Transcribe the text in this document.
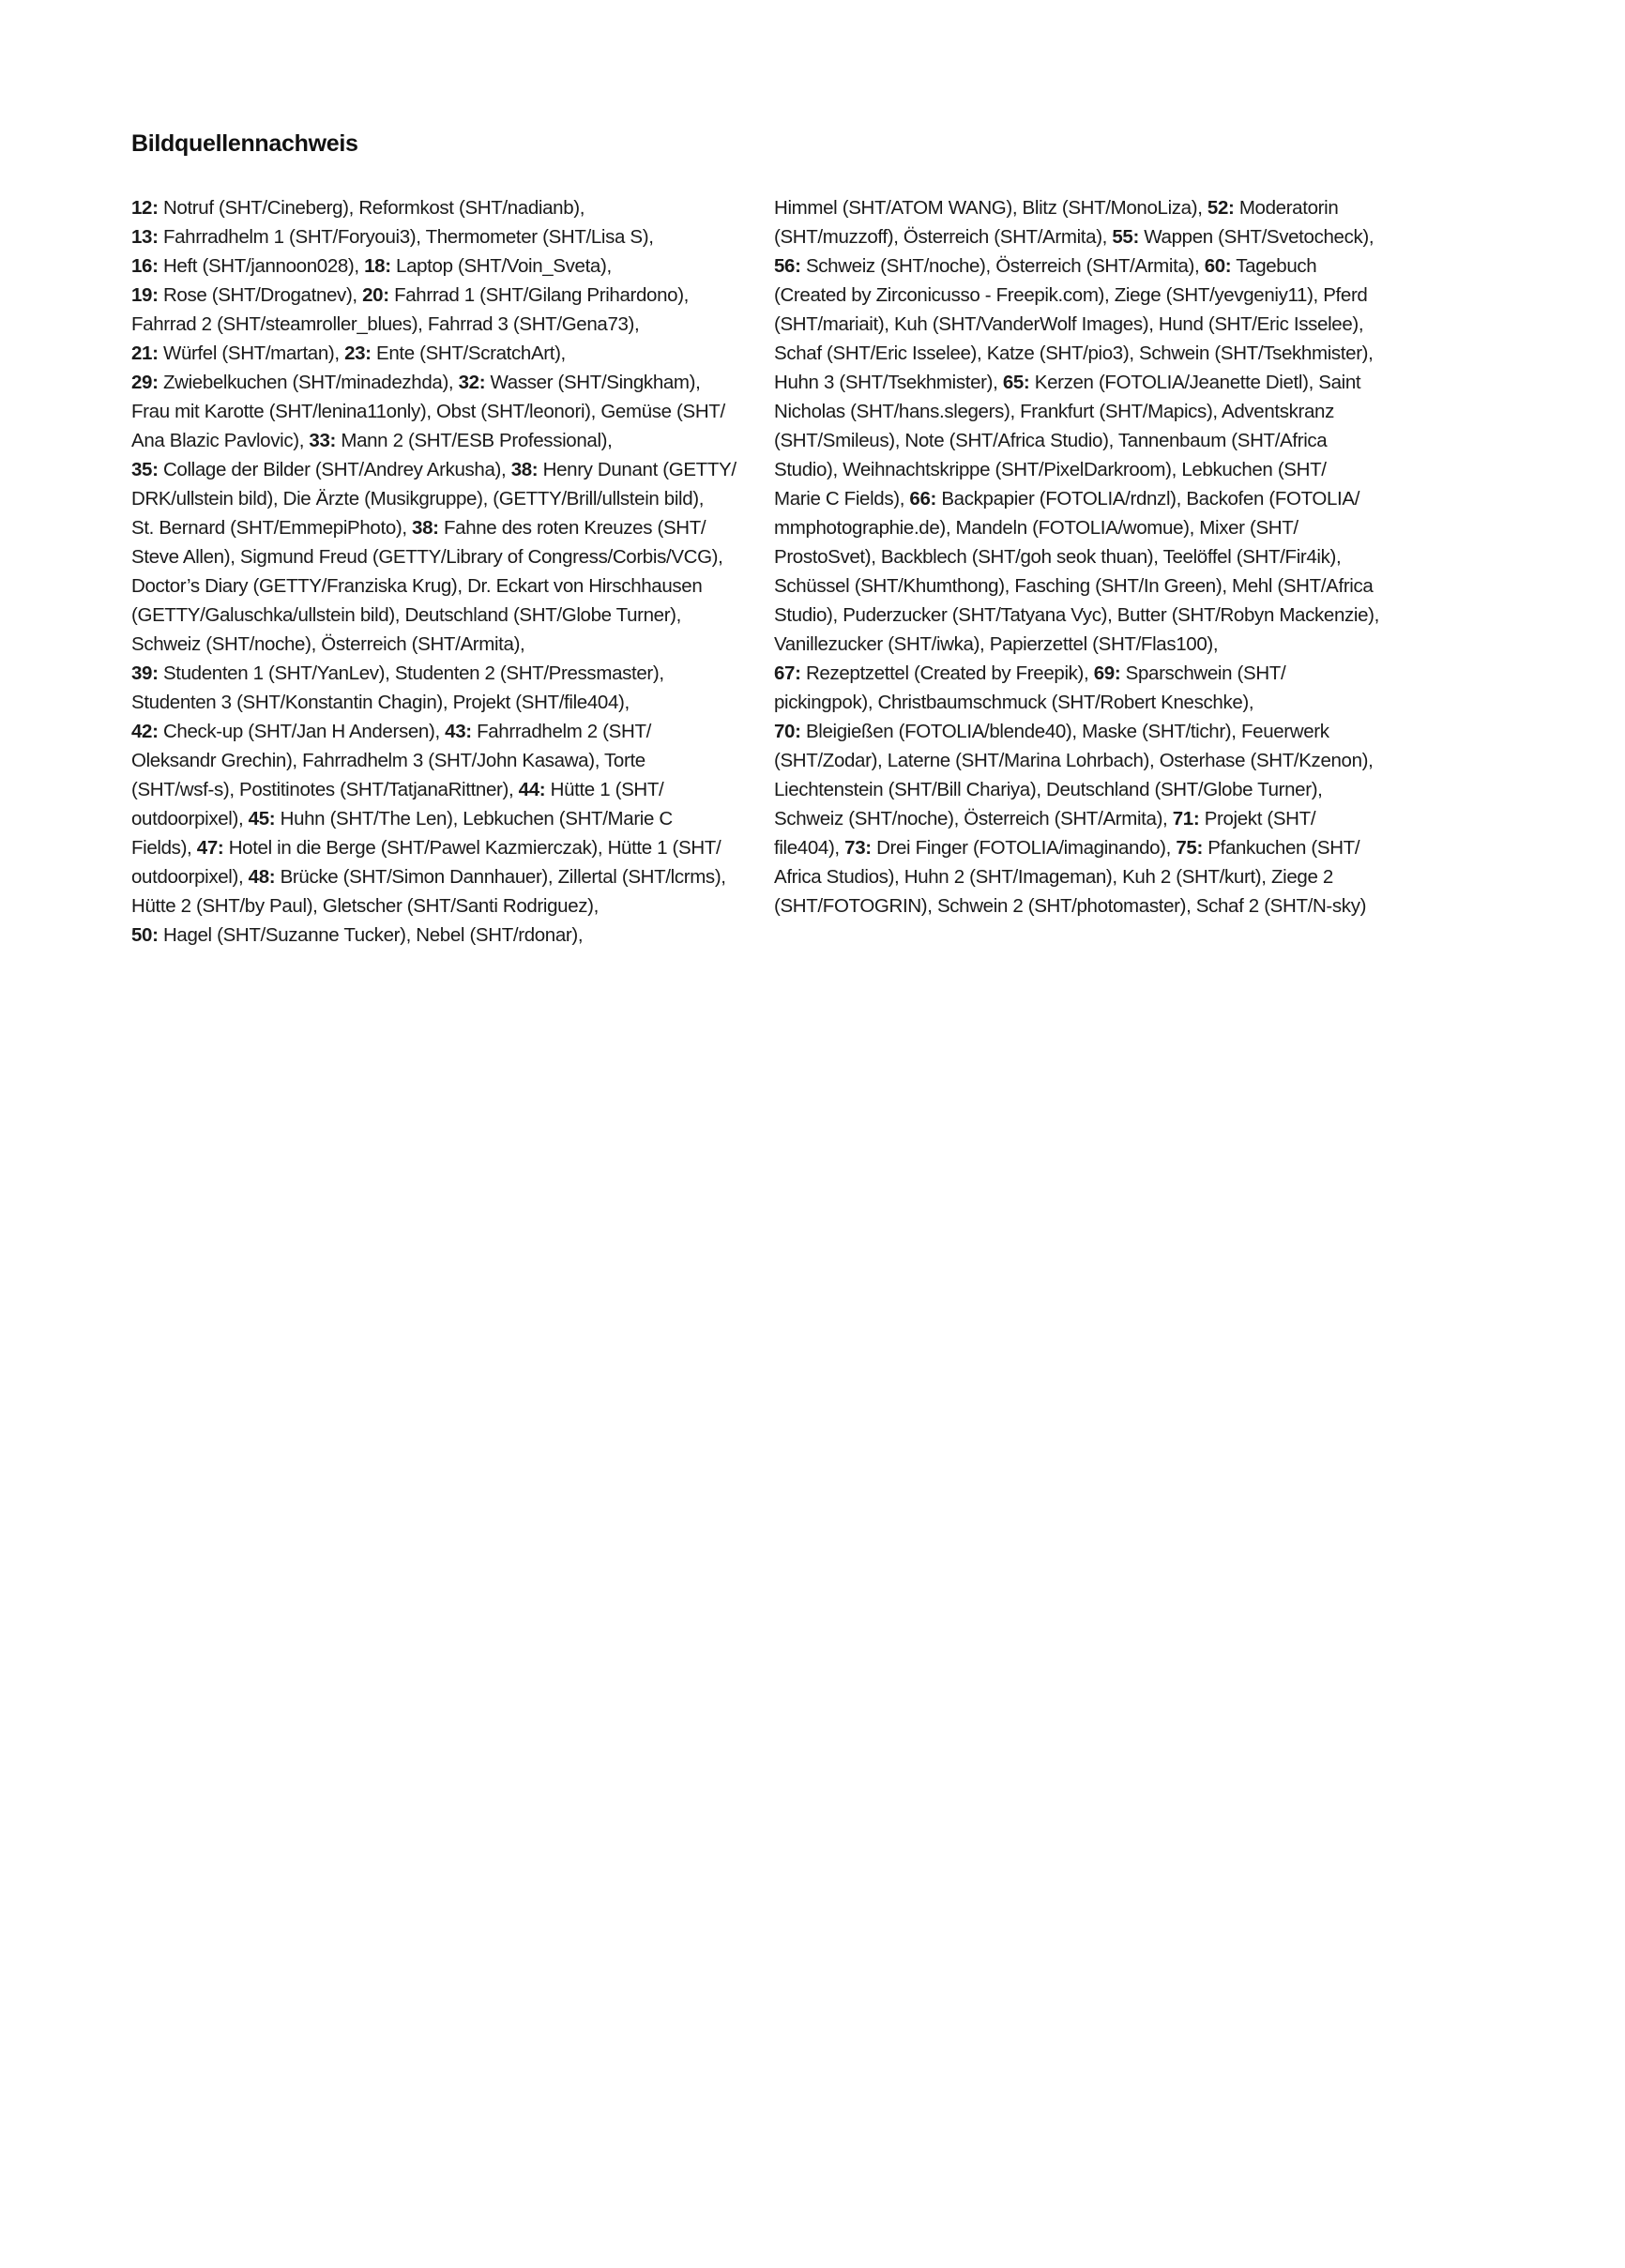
Bildquellennachweis
12: Notruf (SHT/Cineberg), Reformkost (SHT/nadianb),
13: Fahrradhelm 1 (SHT/Foryoui3), Thermometer (SHT/Lisa S),
16: Heft (SHT/jannoon028), 18: Laptop (SHT/Voin_Sveta),
19: Rose (SHT/Drogatnev), 20: Fahrrad 1 (SHT/Gilang Prihardono),
Fahrrad 2 (SHT/steamroller_blues), Fahrrad 3 (SHT/Gena73),
21: Würfel (SHT/martan), 23: Ente (SHT/ScratchArt),
29: Zwiebelkuchen (SHT/minadezhda), 32: Wasser (SHT/Singkham),
Frau mit Karotte (SHT/lenina11only), Obst (SHT/leonori), Gemüse (SHT/
Ana Blazic Pavlovic), 33: Mann 2 (SHT/ESB Professional),
35: Collage der Bilder (SHT/Andrey Arkusha), 38: Henry Dunant (GETTY/
DRK/ullstein bild), Die Ärzte (Musikgruppe), (GETTY/Brill/ullstein bild),
St. Bernard (SHT/EmmepiPhoto), 38: Fahne des roten Kreuzes (SHT/
Steve Allen), Sigmund Freud (GETTY/Library of Congress/Corbis/VCG),
Doctor’s Diary (GETTY/Franziska Krug), Dr. Eckart von Hirschhausen
(GETTY/Galuschka/ullstein bild), Deutschland (SHT/Globe Turner),
Schweiz (SHT/noche), Österreich (SHT/Armita),
39: Studenten 1 (SHT/YanLev), Studenten 2 (SHT/Pressmaster),
Studenten 3 (SHT/Konstantin Chagin), Projekt (SHT/file404),
42: Check-up (SHT/Jan H Andersen), 43: Fahrradhelm 2 (SHT/
Oleksandr Grechin), Fahrradhelm 3 (SHT/John Kasawa), Torte
(SHT/wsf-s), Postitinotes (SHT/TatjanaRittner), 44: Hütte 1 (SHT/
outdoorpixel), 45: Huhn (SHT/The Len), Lebkuchen (SHT/Marie C
Fields), 47: Hotel in die Berge (SHT/Pawel Kazmierczak), Hütte 1 (SHT/
outdoorpixel), 48: Brücke (SHT/Simon Dannhauer), Zillertal (SHT/lcrms),
Hütte 2 (SHT/by Paul), Gletscher (SHT/Santi Rodriguez),
50: Hagel (SHT/Suzanne Tucker), Nebel (SHT/rdonar),
Himmel (SHT/ATOM WANG), Blitz (SHT/MonoLiza), 52: Moderatorin
(SHT/muzzoff), Österreich (SHT/Armita), 55: Wappen (SHT/Svetocheck),
56: Schweiz (SHT/noche), Österreich (SHT/Armita), 60: Tagebuch
(Created by Zirconicusso - Freepik.com), Ziege (SHT/yevgeniy11), Pferd
(SHT/mariait), Kuh (SHT/VanderWolf Images), Hund (SHT/Eric Isselee),
Schaf (SHT/Eric Isselee), Katze (SHT/pio3), Schwein (SHT/Tsekhmister),
Huhn 3 (SHT/Tsekhmister), 65: Kerzen (FOTOLIA/Jeanette Dietl), Saint
Nicholas (SHT/hans.slegers), Frankfurt (SHT/Mapics), Adventskranz
(SHT/Smileus), Note (SHT/Africa Studio), Tannenbaum (SHT/Africa
Studio), Weihnachtskrippe (SHT/PixelDarkroom), Lebkuchen (SHT/
Marie C Fields), 66: Backpapier (FOTOLIA/rdnzl), Backofen (FOTOLIA/
mmphotographie.de), Mandeln (FOTOLIA/womue), Mixer (SHT/
ProstoSvet), Backblech (SHT/goh seok thuan), Teelöffel (SHT/Fir4ik),
Schüssel (SHT/Khumthong), Fasching (SHT/In Green), Mehl (SHT/Africa
Studio), Puderzucker (SHT/Tatyana Vyc), Butter (SHT/Robyn Mackenzie),
Vanillezucker (SHT/iwka), Papierzettel (SHT/Flas100),
67: Rezeptzettel (Created by Freepik), 69: Sparschwein (SHT/
pickingpok), Christbaumschmuck (SHT/Robert Kneschke),
70: Bleigießen (FOTOLIA/blende40), Maske (SHT/tichr), Feuerwerk
(SHT/Zodar), Laterne (SHT/Marina Lohrbach), Osterhase (SHT/Kzenon),
Liechtenstein (SHT/Bill Chariya), Deutschland (SHT/Globe Turner),
Schweiz (SHT/noche), Österreich (SHT/Armita), 71: Projekt (SHT/
file404), 73: Drei Finger (FOTOLIA/imaginando), 75: Pfankuchen (SHT/
Africa Studios), Huhn 2 (SHT/Imageman), Kuh 2 (SHT/kurt), Ziege 2
(SHT/FOTOGRIN), Schwein 2 (SHT/photomaster), Schaf 2 (SHT/N-sky)
